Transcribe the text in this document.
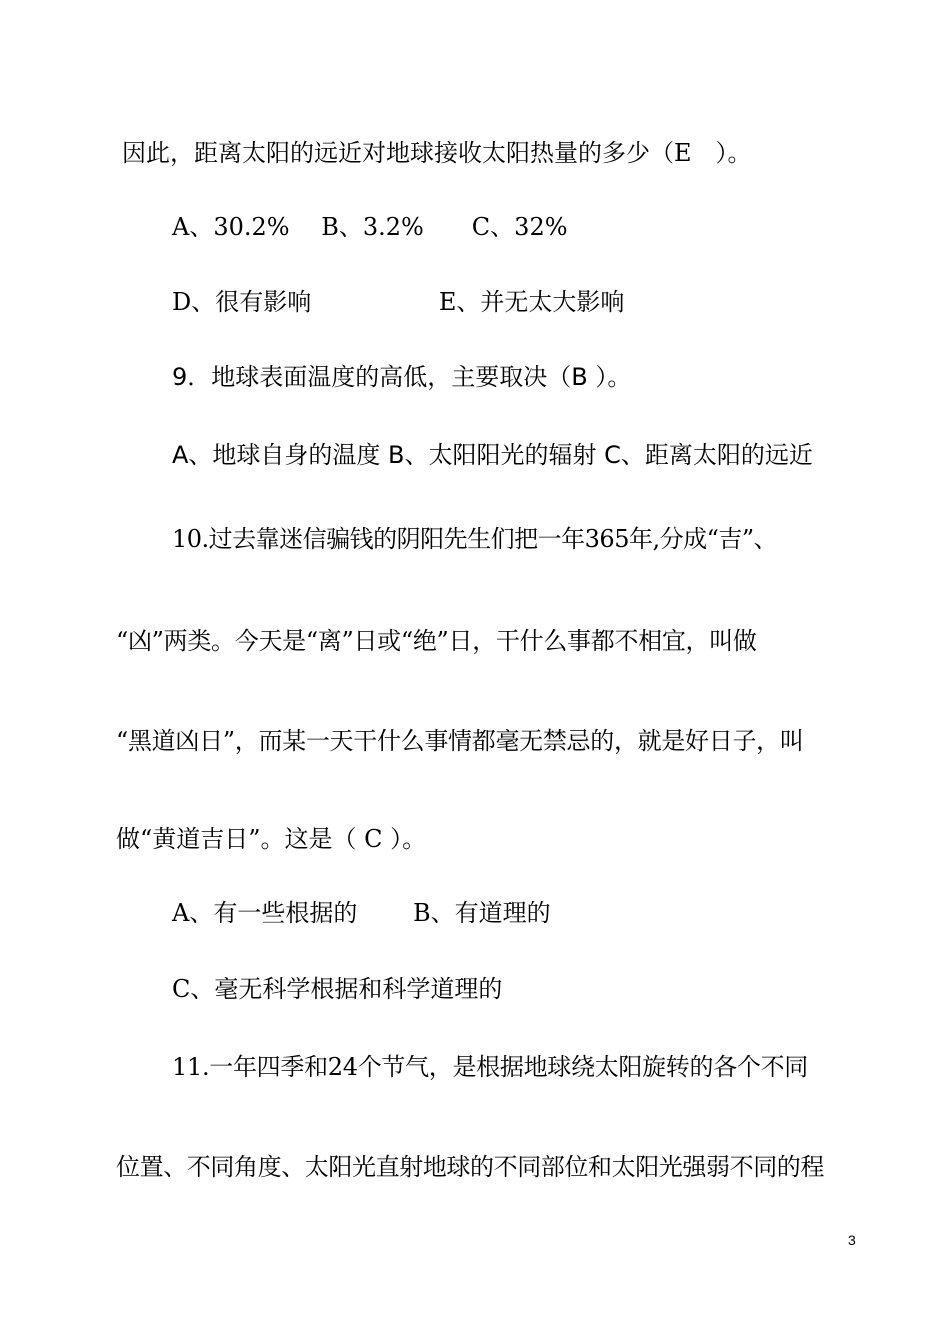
因此，距离太阳的远近对地球接收太阳热量的多少（E　）。
A、30.2%　 B、3.2%　　C、32%
D、很有影响　　　　　 E、并无太大影响
9．地球表面温度的高低，主要取决（B ）。
A、地球自身的温度 B、太阳阳光的辐射 C、距离太阳的远近
10.过去靠迷信骗钱的阴阳先生们把一年365年,分成“吉”、
“凶”两类。今天是“离”日或“绝”日，干什么事都不相宜，叫做
“黑道凶日”，而某一天干什么事情都毫无禁忌的，就是好日子，叫
做“黄道吉日”。这是（ C ）。
A、有一些根据的　　 B、有道理的
C、毫无科学根据和科学道理的
11.一年四季和24个节气，是根据地球绕太阳旋转的各个不同
位置、不同角度、太阳光直射地球的不同部位和太阳光强弱不同的程
3
